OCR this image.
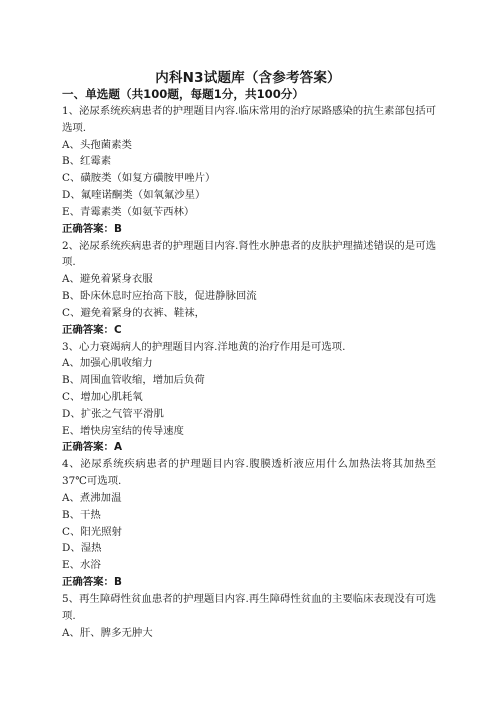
内科N3试题库（含参考答案）
一、单选题（共100题，每题1分，共100分）

1、泌尿系统疾病患者的护理题目内容.临床常用的治疗尿路感染的抗生素部包括可选项.

A、头孢菌素类

B、红霉素

C、磺胺类（如复方磺胺甲唑片）

D、氟喹诺酮类（如氧氟沙星）

E、青霉素类（如氨苄西林）

正确答案：B

2、泌尿系统疾病患者的护理题目内容.肾性水肿患者的皮肤护理描述错误的是可选项.

A、避免着紧身衣服

B、卧床休息时应抬高下肢，促进静脉回流

C、避免着紧身的衣裤、鞋袜，

正确答案：C

3、心力衰竭病人的护理题目内容.洋地黄的治疗作用是可选项.

A、加强心肌收缩力

B、周围血管收缩，增加后负荷

C、增加心肌耗氧

D、扩张之气管平滑肌

E、增快房室结的传导速度

正确答案：A

4、泌尿系统疾病患者的护理题目内容.腹膜透析液应用什么加热法将其加热至37℃可选项.

A、煮沸加温

B、干热

C、阳光照射

D、湿热

E、水浴

正确答案：B

5、再生障碍性贫血患者的护理题目内容.再生障碍性贫血的主要临床表现没有可选项.

A、肝、脾多无肿大
